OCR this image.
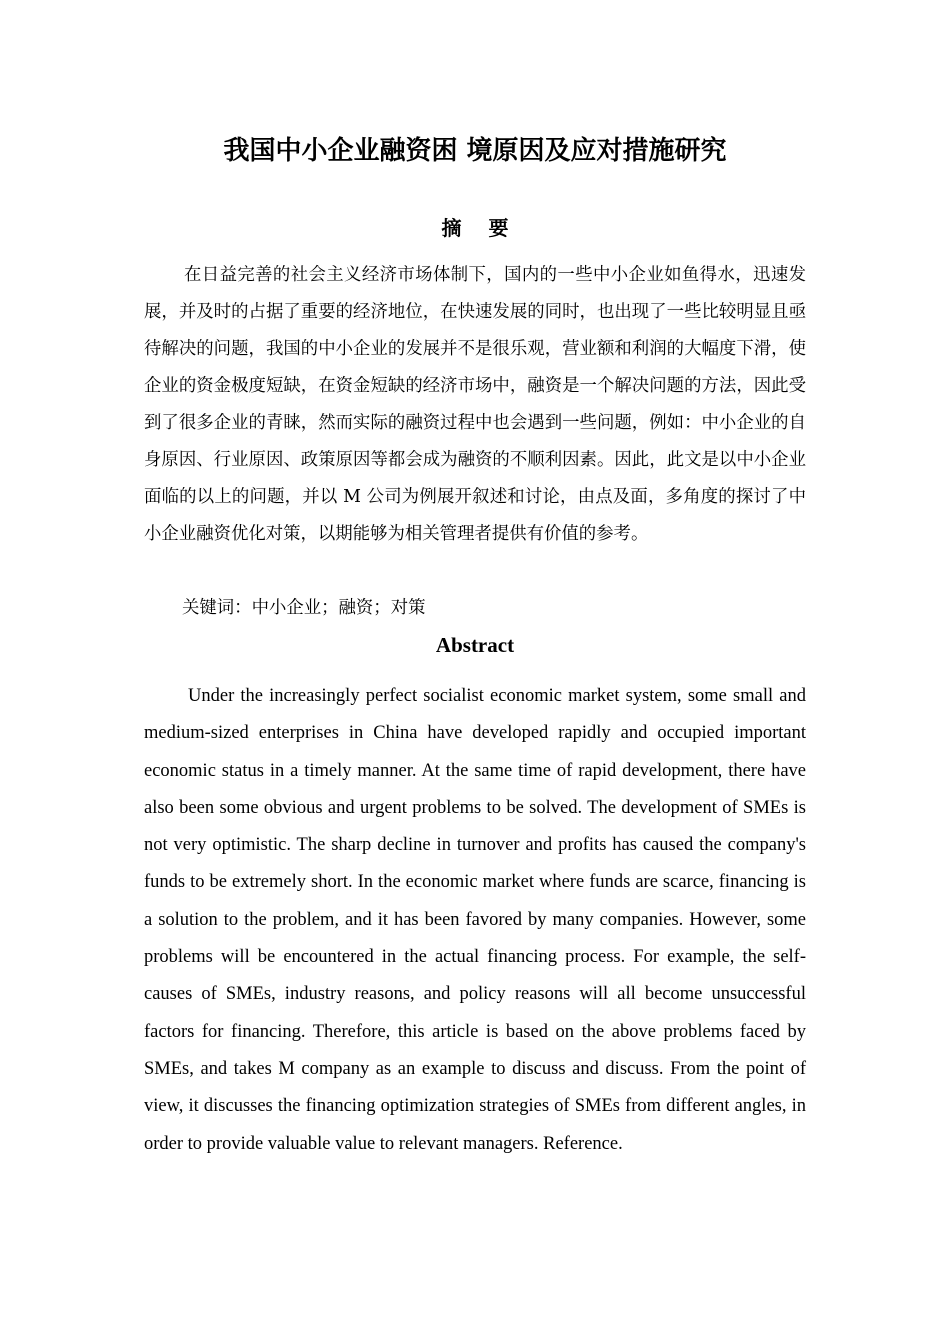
我国中小企业融资困 境原因及应对措施研究
摘 要

在日益完善的社会主义经济市场体制下，国内的一些中小企业如鱼得水，迅速发展，并及时的占据了重要的经济地位，在快速发展的同时，也出现了一些比较明显且亟待解决的问题，我国的中小企业的发展并不是很乐观，营业额和利润的大幅度下滑，使企业的资金极度短缺，在资金短缺的经济市场中，融资是一个解决问题的方法，因此受到了很多企业的青睐，然而实际的融资过程中也会遇到一些问题，例如：中小企业的自身原因、行业原因、政策原因等都会成为融资的不顺利因素。因此，此文是以中小企业面临的以上的问题，并以 M 公司为例展开叙述和讨论，由点及面，多角度的探讨了中小企业融资优化对策，以期能够为相关管理者提供有价值的参考。

关键词：中小企业；融资；对策

Abstract

Under the increasingly perfect socialist economic market system, some small and medium-sized enterprises in China have developed rapidly and occupied important economic status in a timely manner. At the same time of rapid development, there have also been some obvious and urgent problems to be solved. The development of SMEs is not very optimistic. The sharp decline in turnover and profits has caused the company's funds to be extremely short. In the economic market where funds are scarce, financing is a solution to the problem, and it has been favored by many companies. However, some problems will be encountered in the actual financing process. For example, the self-causes of SMEs, industry reasons, and policy reasons will all become unsuccessful factors for financing. Therefore, this article is based on the above problems faced by SMEs, and takes M company as an example to discuss and discuss. From the point of view, it discusses the financing optimization strategies of SMEs from different angles, in order to provide valuable value to relevant managers. Reference.
